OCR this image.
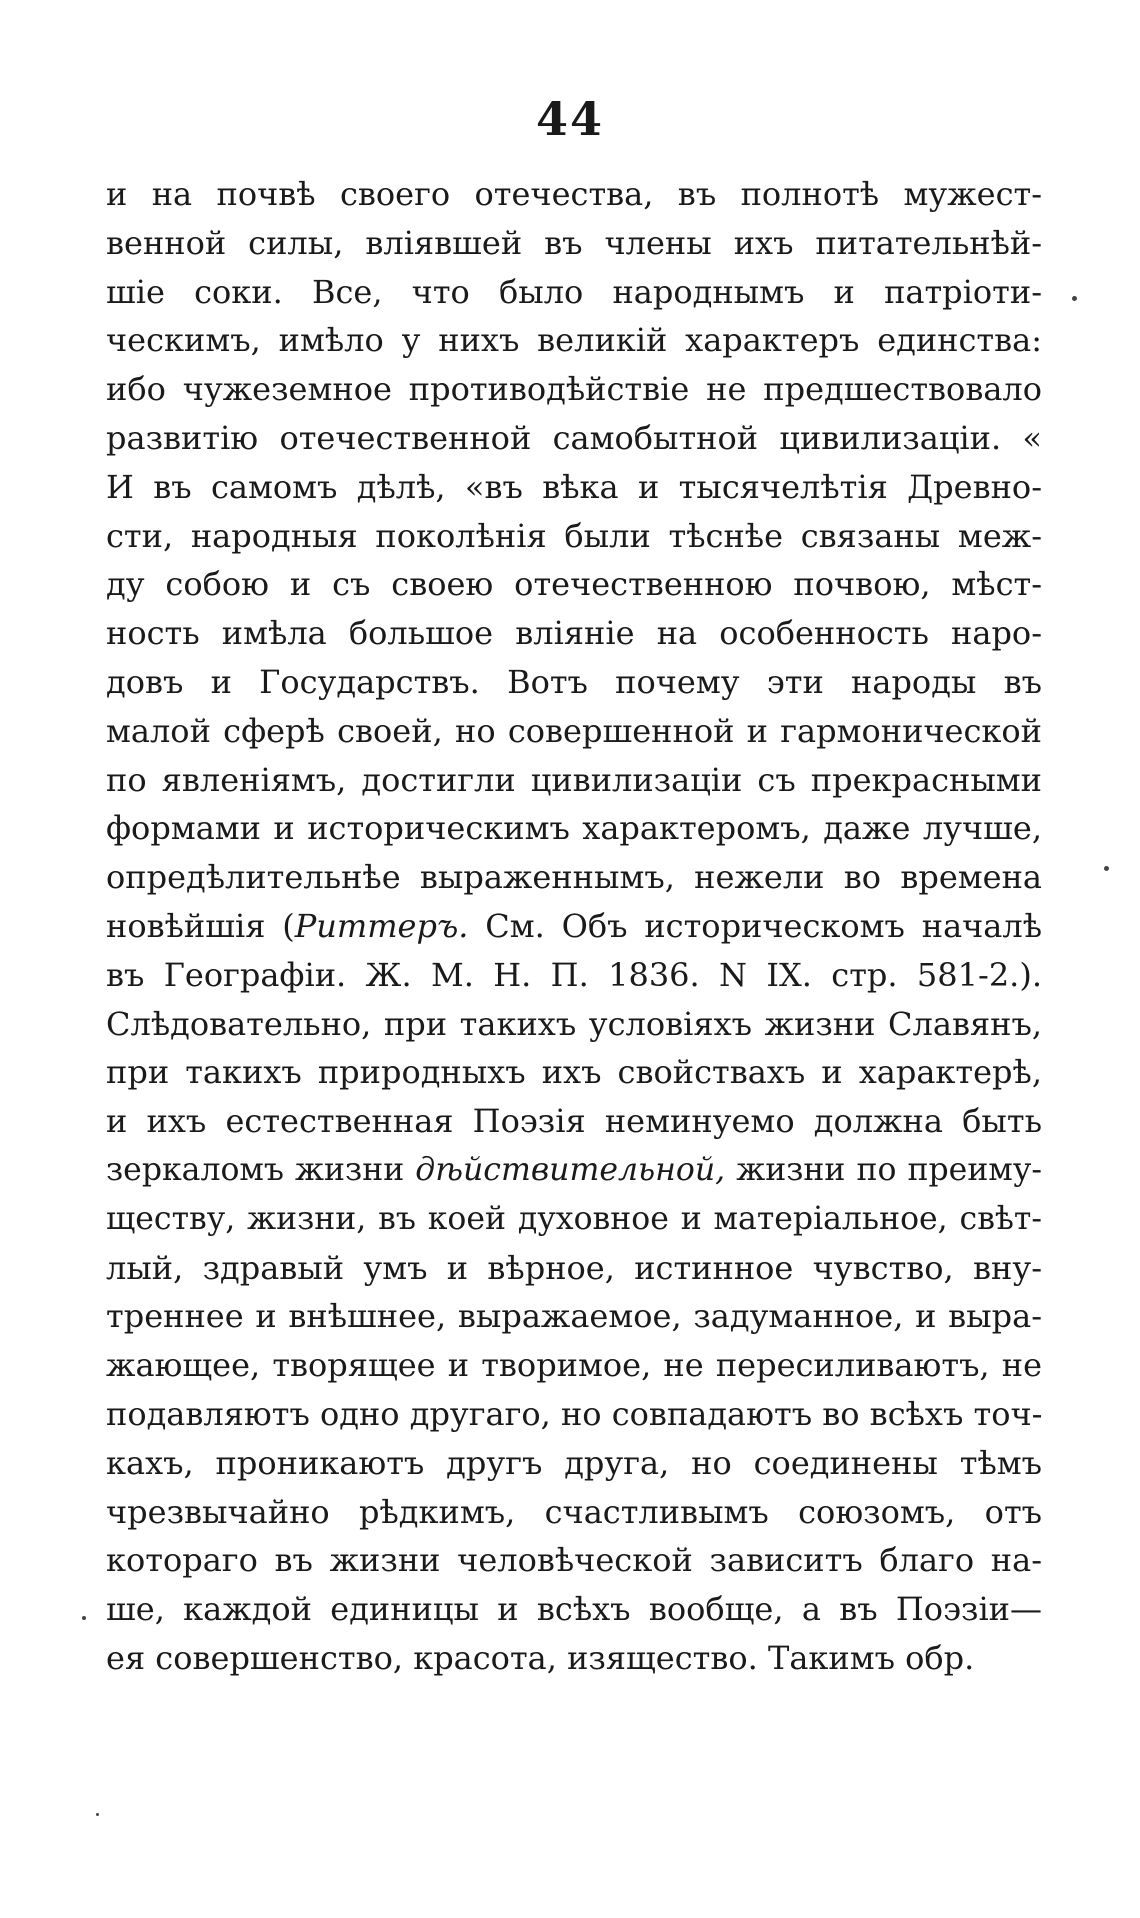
44
и на почвѣ своего отечества, въ полнотѣ мужест-
венной силы, влiявшей въ члены ихъ питательнѣй-
шiе соки. Все, что было народнымъ и патрiоти-
ческимъ, имѣло у нихъ великiй характеръ единства:
ибо чужеземное противодѣйствiе не предшествовало
развитiю отечественной самобытной цивилизацiи. «
И въ самомъ дѣлѣ, «въ вѣка и тысячелѣтiя Древно-
сти, народныя поколѣнiя были тѣснѣе связаны меж-
ду собою и съ своею отечественною почвою, мѣст-
ность имѣла большое влiянiе на особенность наро-
довъ и Государствъ. Вотъ почему эти народы въ
малой сферѣ своей, но совершенной и гармонической
по явленiямъ, достигли цивилизацiи съ прекрасными
формами и историческимъ характеромъ, даже лучше,
опредѣлительнѣе выраженнымъ, нежели во времена
новѣйшiя (Риттеръ. См. Объ историческомъ началѣ
въ Географiи. Ж. М. Н. П. 1836. N IX. стр. 581-2.).
Слѣдовательно, при такихъ условiяхъ жизни Славянъ,
при такихъ природныхъ ихъ свойствахъ и характерѣ,
и ихъ естественная Поэзiя неминуемо должна быть
зеркаломъ жизни дѣйствительной, жизни по преиму-
ществу, жизни, въ коей духовное и матерiальное, свѣт-
лый, здравый умъ и вѣрное, истинное чувство, вну-
треннее и внѣшнее, выражаемое, задуманное, и выра-
жающее, творящее и творимое, не пересиливаютъ, не
подавляютъ одно другаго, но совпадаютъ во всѣхъ точ-
кахъ, проникаютъ другъ друга, но соединены тѣмъ
чрезвычайно рѣдкимъ, счастливымъ союзомъ, отъ
котораго въ жизни человѣческой зависитъ благо на-
ше, каждой единицы и всѣхъ вообще, а въ Поэзiи—
ея совершенство, красота, изящество. Такимъ обр.
